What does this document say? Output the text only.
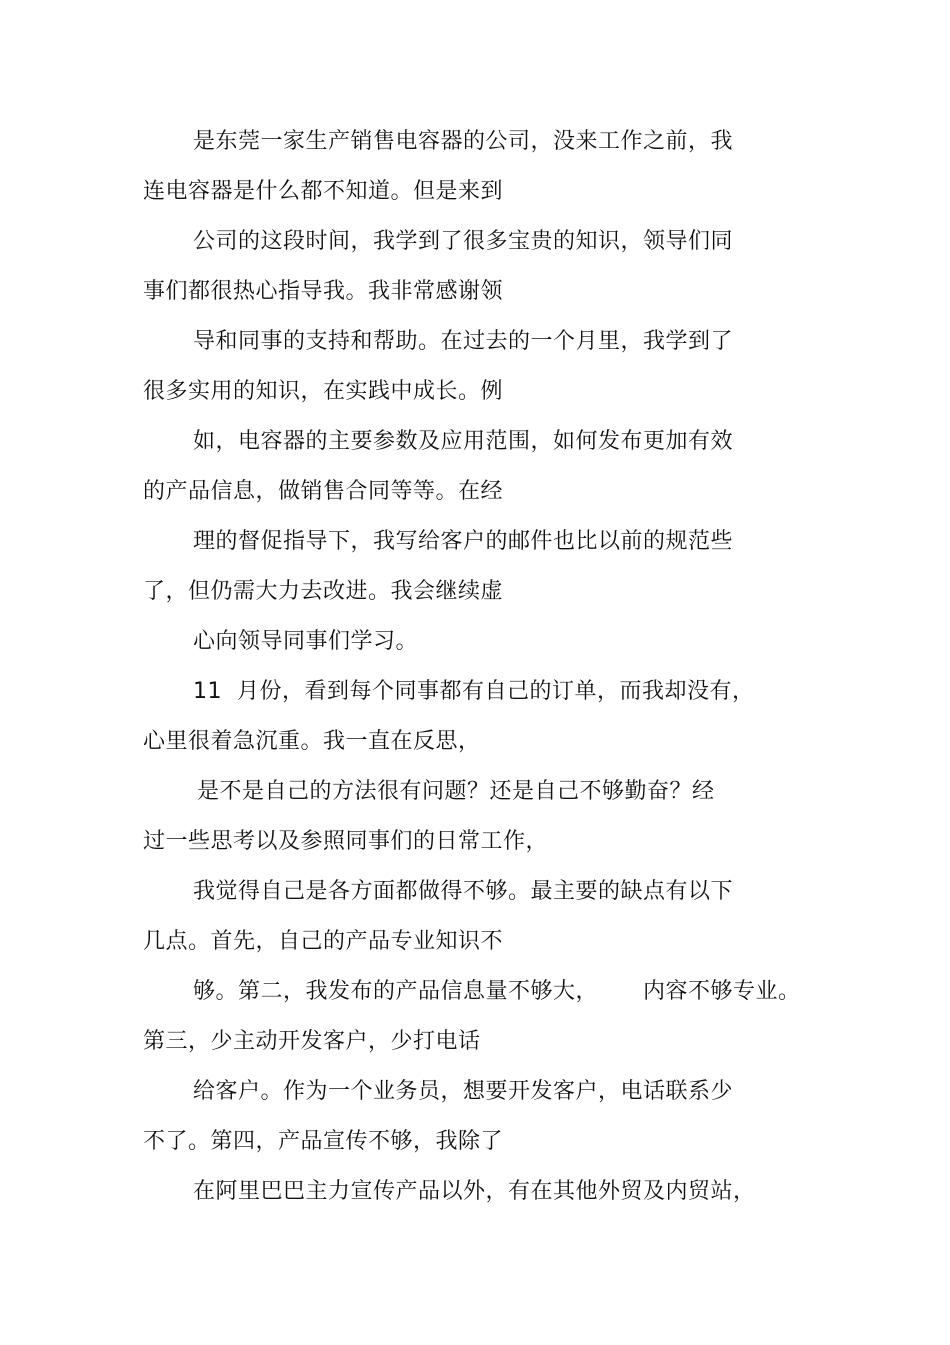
是东莞一家生产销售电容器的公司，没来工作之前，我
连电容器是什么都不知道。但是来到
公司的这段时间，我学到了很多宝贵的知识，领导们同
事们都很热心指导我。我非常感谢领
导和同事的支持和帮助。在过去的一个月里，我学到了
很多实用的知识，在实践中成长。例
如，电容器的主要参数及应用范围，如何发布更加有效
的产品信息，做销售合同等等。在经
理的督促指导下，我写给客户的邮件也比以前的规范些
了，但仍需大力去改进。我会继续虚
心向领导同事们学习。
11  月份，看到每个同事都有自己的订单，而我却没有，
心里很着急沉重。我一直在反思，
是不是自己的方法很有问题？还是自己不够勤奋？经
过一些思考以及参照同事们的日常工作，
我觉得自己是各方面都做得不够。最主要的缺点有以下
几点。首先，自己的产品专业知识不
够。第二，我发布的产品信息量不够大，      内容不够专业。
第三，少主动开发客户，少打电话
给客户。作为一个业务员，想要开发客户，电话联系少
不了。第四，产品宣传不够，我除了
在阿里巴巴主力宣传产品以外，有在其他外贸及内贸站，
